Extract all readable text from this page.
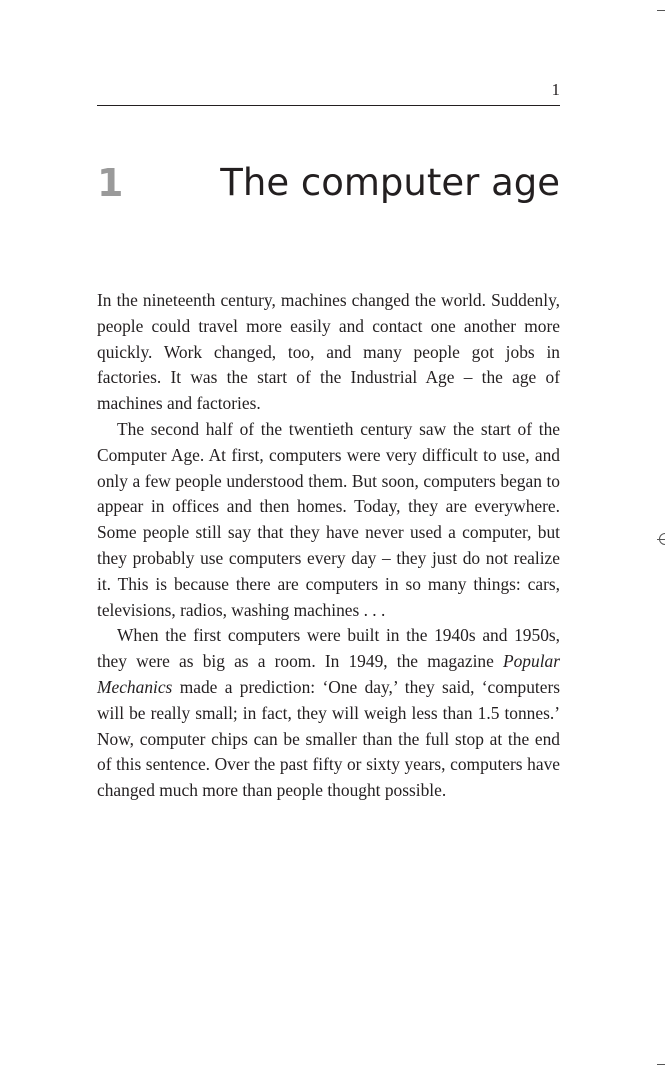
1
1	The computer age

In the nineteenth century, machines changed the world. Suddenly, people could travel more easily and contact one another more quickly. Work changed, too, and many people got jobs in factories. It was the start of the Industrial Age – the age of machines and factories.

The second half of the twentieth century saw the start of the Computer Age. At first, computers were very difficult to use, and only a few people understood them. But soon, computers began to appear in offices and then homes. Today, they are everywhere. Some people still say that they have never used a computer, but they probably use computers every day – they just do not realize it. This is because there are computers in so many things: cars, televisions, radios, washing machines . . .

When the first computers were built in the 1940s and 1950s, they were as big as a room. In 1949, the magazine Popular Mechanics made a prediction: ‘One day,’ they said, ‘computers will be really small; in fact, they will weigh less than 1.5 tonnes.’ Now, computer chips can be smaller than the full stop at the end of this sentence. Over the past fifty or sixty years, computers have changed much more than people thought possible.
